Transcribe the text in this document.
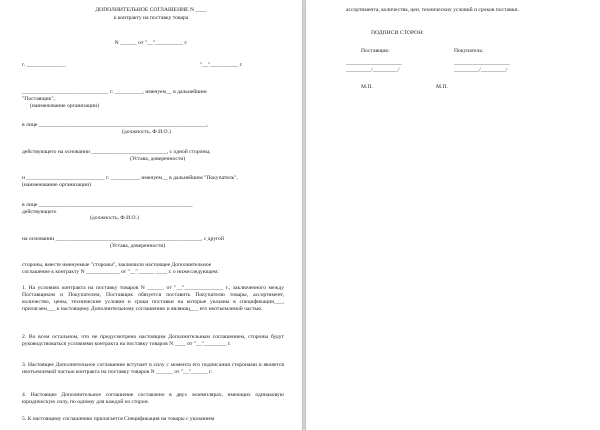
ДОПОЛНИТЕЛЬНОЕ СОГЛАШЕНИЕ N ____
к контракту на поставку товара
N ______ от "__"__________ г.
г. ______________	"__"__________ г.
_______________________________ г. __________, именуем__ в дальнейшем
"Поставщик",
(наименование организации)
в лице ____________________________________________________________,
(должность, Ф.И.О.)
действующего на основании ___________________________, с одной стороны,
(Устава, доверенности)
и ____________________________ г. __________, именуем__ в дальнейшем "Покупатель",
(наименование организации)
в лице _______________________________________________________
действующего
(должность, Ф.И.О.)
на основании ____________________________________________________, с другой
(Устава, доверенности)
стороны, вместе именуемые "стороны", заключили настоящее Дополнительное
соглашение к контракту N ____________ от "__"______ ____ г. о нижеследующем:
1. На условиях контракта на поставку товаров N ______ от "__"______________ г., заключенного между Поставщиком и Покупателем, Поставщик обязуется поставить Покупателю товары, ассортимент, количество, цены, технические условия и сроки поставки на которые указаны в спецификации___, прилагаем___ к настоящему Дополнительному соглашению и являющ___ его неотъемлемой частью.
2. Во всем остальном, что не предусмотрено настоящим Дополнительным соглашением, стороны будут руководствоваться условиями контракта на поставку товаров N ____ от "__"________ г.
3. Настоящее Дополнительное соглашение вступает в силу с момента его подписания сторонами и является неотъемлемой частью контракта на поставку товаров N ______ от "__"______ г.
4. Настоящее Дополнительное соглашение составлено в двух экземплярах, имеющих одинаковую юридическую силу, по одному для каждой из сторон.
5. К настоящему соглашению прилагается Спецификация на товары с указанием
ассортимента, количества, цен, технических условий и сроков поставки.
ПОДПИСИ СТОРОН:
Поставщик:	Покупатель:
____________________	____________________
_________/_________/	_________/_________/
М.П.	М.П.
